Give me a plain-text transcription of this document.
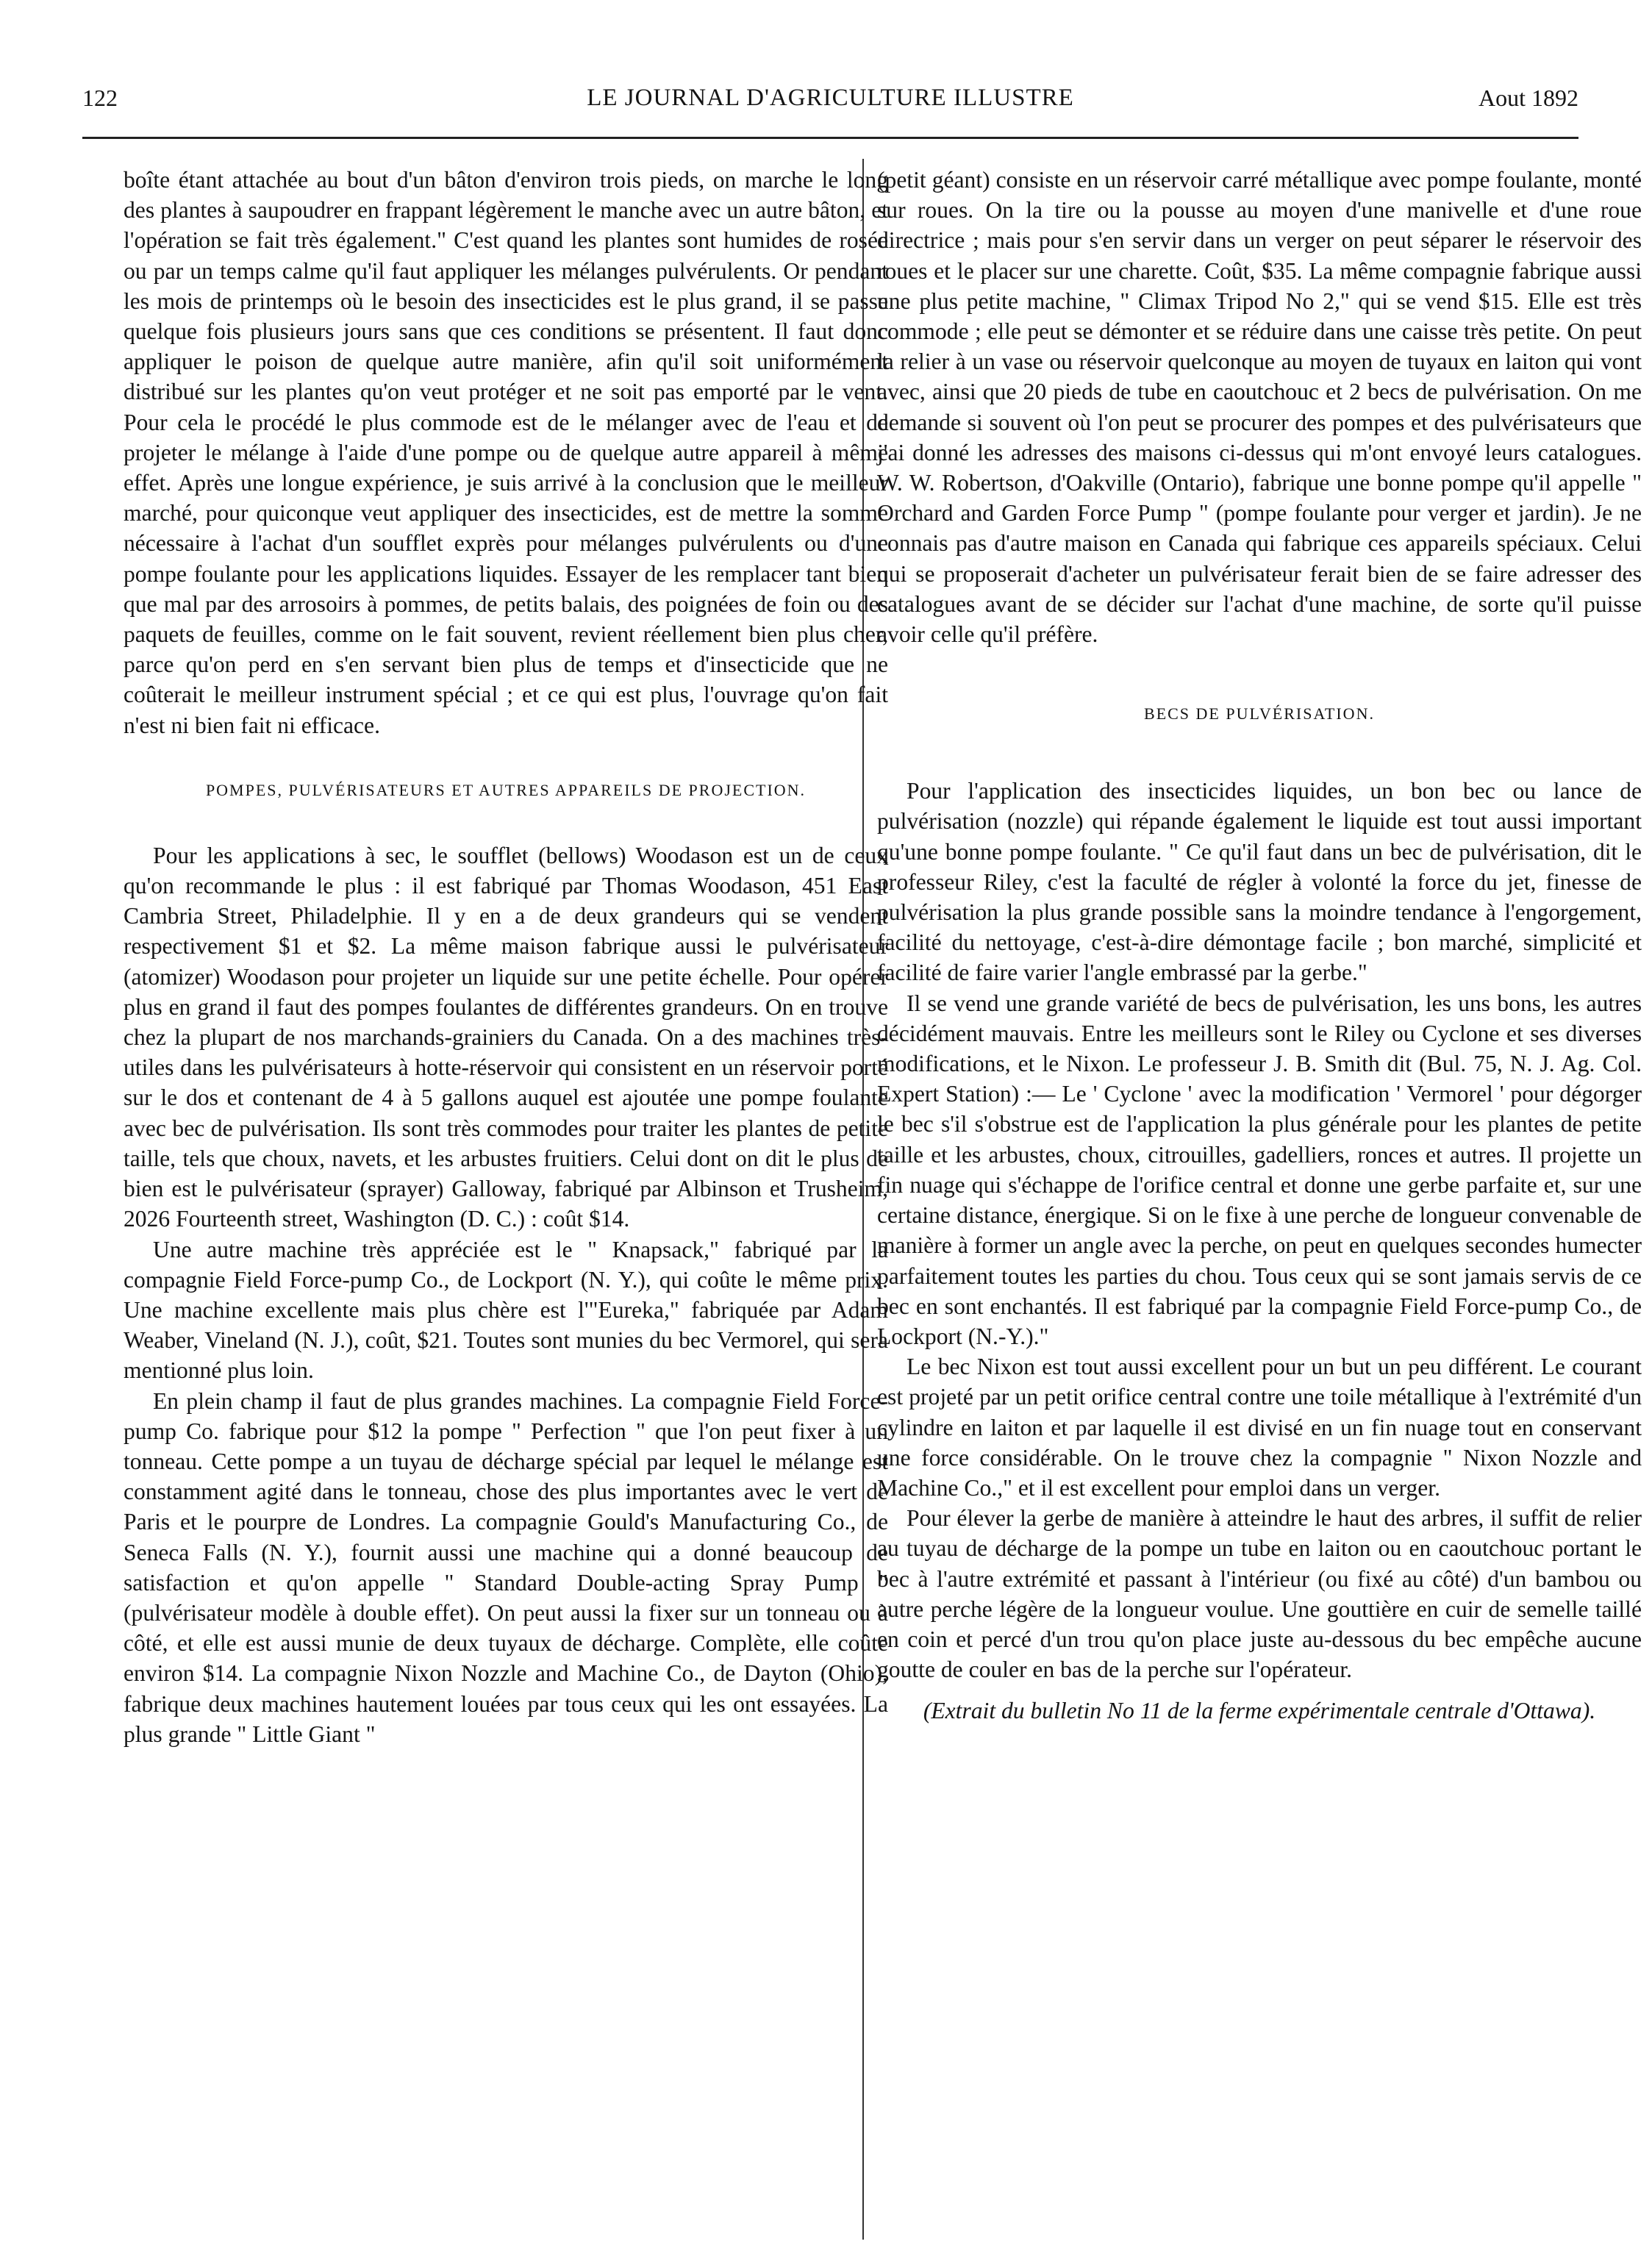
122	LE JOURNAL D'AGRICULTURE ILLUSTRE	Aout 1892

boîte étant attachée au bout d'un bâton d'environ trois pieds, on marche le long des plantes à saupoudrer en frappant légèrement le manche avec un autre bâton, et l'opération se fait très également." C'est quand les plantes sont humides de rosée ou par un temps calme qu'il faut appliquer les mélanges pulvérulents. Or pendant les mois de printemps où le besoin des insecticides est le plus grand, il se passe quelque fois plusieurs jours sans que ces conditions se présentent. Il faut donc appliquer le poison de quelque autre manière, afin qu'il soit uniformément distribué sur les plantes qu'on veut protéger et ne soit pas emporté par le vent. Pour cela le procédé le plus commode est de le mélanger avec de l'eau et de projeter le mélange à l'aide d'une pompe ou de quelque autre appareil à même effet. Après une longue expérience, je suis arrivé à la conclusion que le meilleur marché, pour quiconque veut appliquer des insecticides, est de mettre la somme nécessaire à l'achat d'un soufflet exprès pour mélanges pulvérulents ou d'une pompe foulante pour les applications liquides. Essayer de les remplacer tant bien que mal par des arrosoirs à pommes, de petits balais, des poignées de foin ou des paquets de feuilles, comme on le fait souvent, revient réellement bien plus cher, parce qu'on perd en s'en servant bien plus de temps et d'insecticide que ne coûterait le meilleur instrument spécial ; et ce qui est plus, l'ouvrage qu'on fait n'est ni bien fait ni efficace.

POMPES, PULVÉRISATEURS ET AUTRES APPAREILS DE PROJECTION.

Pour les applications à sec, le soufflet (bellows) Woodason est un de ceux qu'on recommande le plus : il est fabriqué par Thomas Woodason, 451 East Cambria Street, Philadelphie. Il y en a de deux grandeurs qui se vendent respectivement $1 et $2. La même maison fabrique aussi le pulvérisateur (atomizer) Woodason pour projeter un liquide sur une petite échelle. Pour opérer plus en grand il faut des pompes foulantes de différentes grandeurs. On en trouve chez la plupart de nos marchands-grainiers du Canada. On a des machines très-utiles dans les pulvérisateurs à hotte-réservoir qui consistent en un réservoir porté sur le dos et contenant de 4 à 5 gallons auquel est ajoutée une pompe foulante avec bec de pulvérisation. Ils sont très commodes pour traiter les plantes de petite taille, tels que choux, navets, et les arbustes fruitiers. Celui dont on dit le plus de bien est le pulvérisateur (sprayer) Galloway, fabriqué par Albinson et Trusheim, 2026 Fourteenth street, Washington (D. C.) : coût $14.

Une autre machine très appréciée est le " Knapsack," fabriqué par la compagnie Field Force-pump Co., de Lockport (N. Y.), qui coûte le même prix. Une machine excellente mais plus chère est l'"Eureka," fabriquée par Adam Weaber, Vineland (N. J.), coût, $21. Toutes sont munies du bec Vermorel, qui sera mentionné plus loin.

En plein champ il faut de plus grandes machines. La compagnie Field Force-pump Co. fabrique pour $12 la pompe " Perfection " que l'on peut fixer à un tonneau. Cette pompe a un tuyau de décharge spécial par lequel le mélange est constamment agité dans le tonneau, chose des plus importantes avec le vert de Paris et le pourpre de Londres. La compagnie Gould's Manufacturing Co., de Seneca Falls (N. Y.), fournit aussi une machine qui a donné beaucoup de satisfaction et qu'on appelle " Standard Double-acting Spray Pump " (pulvérisateur modèle à double effet). On peut aussi la fixer sur un tonneau ou à côté, et elle est aussi munie de deux tuyaux de décharge. Complète, elle coûte environ $14. La compagnie Nixon Nozzle and Machine Co., de Dayton (Ohio), fabrique deux machines hautement louées par tous ceux qui les ont essayées. La plus grande " Little Giant "

(petit géant) consiste en un réservoir carré métallique avec pompe foulante, monté sur roues. On la tire ou la pousse au moyen d'une manivelle et d'une roue directrice ; mais pour s'en servir dans un verger on peut séparer le réservoir des roues et le placer sur une charette. Coût, $35. La même compagnie fabrique aussi une plus petite machine, " Climax Tripod No 2," qui se vend $15. Elle est très commode ; elle peut se démonter et se réduire dans une caisse très petite. On peut la relier à un vase ou réservoir quelconque au moyen de tuyaux en laiton qui vont avec, ainsi que 20 pieds de tube en caoutchouc et 2 becs de pulvérisation. On me demande si souvent où l'on peut se procurer des pompes et des pulvérisateurs que j'ai donné les adresses des maisons ci-dessus qui m'ont envoyé leurs catalogues. W. W. Robertson, d'Oakville (Ontario), fabrique une bonne pompe qu'il appelle " Orchard and Garden Force Pump " (pompe foulante pour verger et jardin). Je ne connais pas d'autre maison en Canada qui fabrique ces appareils spéciaux. Celui qui se proposerait d'acheter un pulvérisateur ferait bien de se faire adresser des catalogues avant de se décider sur l'achat d'une machine, de sorte qu'il puisse avoir celle qu'il préfère.

BECS DE PULVÉRISATION.

Pour l'application des insecticides liquides, un bon bec ou lance de pulvérisation (nozzle) qui répande également le liquide est tout aussi important qu'une bonne pompe foulante. " Ce qu'il faut dans un bec de pulvérisation, dit le professeur Riley, c'est la faculté de régler à volonté la force du jet, finesse de pulvérisation la plus grande possible sans la moindre tendance à l'engorgement, facilité du nettoyage, c'est-à-dire démontage facile ; bon marché, simplicité et facilité de faire varier l'angle embrassé par la gerbe."

Il se vend une grande variété de becs de pulvérisation, les uns bons, les autres décidément mauvais. Entre les meilleurs sont le Riley ou Cyclone et ses diverses modifications, et le Nixon. Le professeur J. B. Smith dit (Bul. 75, N. J. Ag. Col. Expert Station) :— Le ' Cyclone ' avec la modification ' Vermorel ' pour dégorger le bec s'il s'obstrue est de l'application la plus générale pour les plantes de petite taille et les arbustes, choux, citrouilles, gadelliers, ronces et autres. Il projette un fin nuage qui s'échappe de l'orifice central et donne une gerbe parfaite et, sur une certaine distance, énergique. Si on le fixe à une perche de longueur convenable de manière à former un angle avec la perche, on peut en quelques secondes humecter parfaitement toutes les parties du chou. Tous ceux qui se sont jamais servis de ce bec en sont enchantés. Il est fabriqué par la compagnie Field Force-pump Co., de Lockport (N.-Y.)."

Le bec Nixon est tout aussi excellent pour un but un peu différent. Le courant est projeté par un petit orifice central contre une toile métallique à l'extrémité d'un cylindre en laiton et par laquelle il est divisé en un fin nuage tout en conservant une force considérable. On le trouve chez la compagnie " Nixon Nozzle and Machine Co.," et il est excellent pour emploi dans un verger.

Pour élever la gerbe de manière à atteindre le haut des arbres, il suffit de relier au tuyau de décharge de la pompe un tube en laiton ou en caoutchouc portant le bec à l'autre extrémité et passant à l'intérieur (ou fixé au côté) d'un bambou ou autre perche légère de la longueur voulue. Une gouttière en cuir de semelle taillé en coin et percé d'un trou qu'on place juste au-dessous du bec empêche aucune goutte de couler en bas de la perche sur l'opérateur.

(Extrait du bulletin No 11 de la ferme expérimentale centrale d'Ottawa).
